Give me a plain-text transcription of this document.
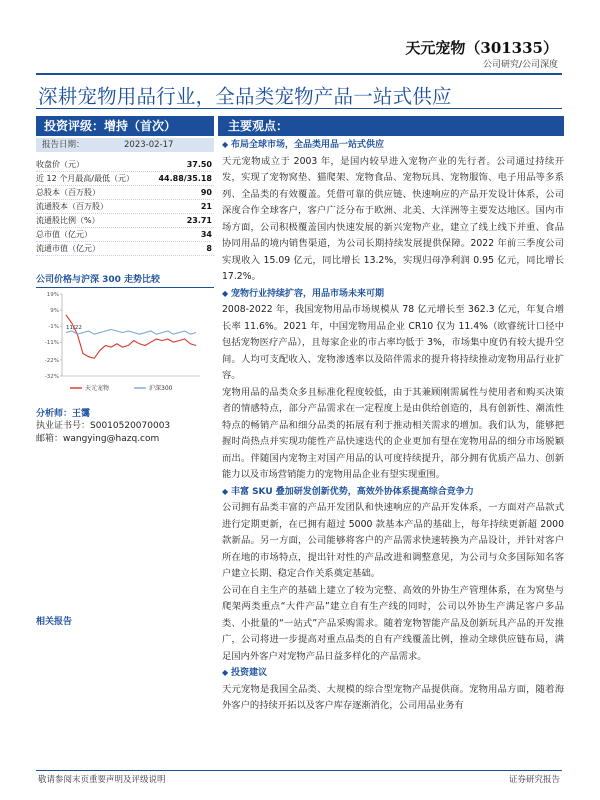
天元宠物（301335）
公司研究/公司深度
深耕宠物用品行业，全品类宠物产品一站式供应
投资评级：增持（首次）
报告日期：	2023-02-17
收盘价（元）	37.50
近 12 个月最高/最低（元）	44.88/35.18
总股本（百万股）	90
流通股本（百万股）	21
流通股比例（%）	23.71
总市值（亿元）	34
流通市值（亿元）	8
公司价格与沪深 300 走势比较
19%
9%
-1%
-11%
-22%
-32%
11/22
天元宠物	沪深300
分析师：王霭
执业证书号：S0010520070003
邮箱：wangying@hazq.com
相关报告
主要观点：
◆ 布局全球市场，全品类用品一站式供应

天元宠物成立于 2003 年，是国内较早进入宠物产业的先行者。公司通过持续开发，实现了宠物窝垫、猫爬架、宠物食品、宠物玩具、宠物服饰、电子用品等多系列、全品类的有效覆盖。凭借可靠的供应链、快速响应的产品开发设计体系，公司深度合作全球客户，客户广泛分布于欧洲、北美、大洋洲等主要发达地区。国内市场方面，公司积极覆盖国内快速发展的新兴宠物产业，建立了线上线下并重、食品协同用品的境内销售渠道，为公司长期持续发展提供保障。2022 年前三季度公司实现收入 15.09 亿元，同比增长 13.2%，实现归母净利润 0.95 亿元，同比增长 17.2%。

◆ 宠物行业持续扩容，用品市场未来可期

2008-2022 年，我国宠物用品市场规模从 78 亿元增长至 362.3 亿元，年复合增长率 11.6%。2021 年，中国宠物用品企业 CR10 仅为 11.4%（欧睿统计口径中包括宠物医疗产品），且每家企业的市占率均低于 3%，市场集中度仍有较大提升空间。人均可支配收入、宠物渗透率以及陪伴需求的提升将持续推动宠物用品行业扩容。

宠物用品的品类众多且标准化程度较低，由于其兼顾刚需属性与使用者和购买决策者的情感特点，部分产品需求在一定程度上是由供给创造的，具有创新性、潮流性特点的畅销产品和细分品类的拓展有利于推动相关需求的增加。我们认为，能够把握时尚热点并实现功能性产品快速迭代的企业更加有望在宠物用品的细分市场脱颖而出。伴随国内宠物主对国产用品的认可度持续提升，部分拥有优质产品力、创新能力以及市场营销能力的宠物用品企业有望实现重围。

◆ 丰富 SKU 叠加研发创新优势，高效外协体系提高综合竞争力

公司拥有品类丰富的产品开发团队和快速响应的产品开发体系，一方面对产品款式进行定期更新，在已拥有超过 5000 款基本产品的基础上，每年持续更新超 2000 款新品。另一方面，公司能够将客户的产品需求快速转换为产品设计，并针对客户所在地的市场特点，提出针对性的产品改进和调整意见，为公司与众多国际知名客户建立长期、稳定合作关系奠定基础。

公司在自主生产的基础上建立了较为完整、高效的外协生产管理体系，在为窝垫与爬架两类重点“大件产品”建立自有生产线的同时，公司以外协生产满足客户多品类、小批量的“一站式”产品采购需求。随着宠物智能产品及创新玩具产品的开发推广，公司将进一步提高对重点品类的自有产线覆盖比例，推动全球供应链布局，满足国内外客户对宠物产品日益多样化的产品需求。

◆ 投资建议

天元宠物是我国全品类、大规模的综合型宠物产品提供商。宠物用品方面，随着海外客户的持续开拓以及客户库存逐渐消化，公司用品业务有

敬请参阅末页重要声明及评级说明	证券研究报告
